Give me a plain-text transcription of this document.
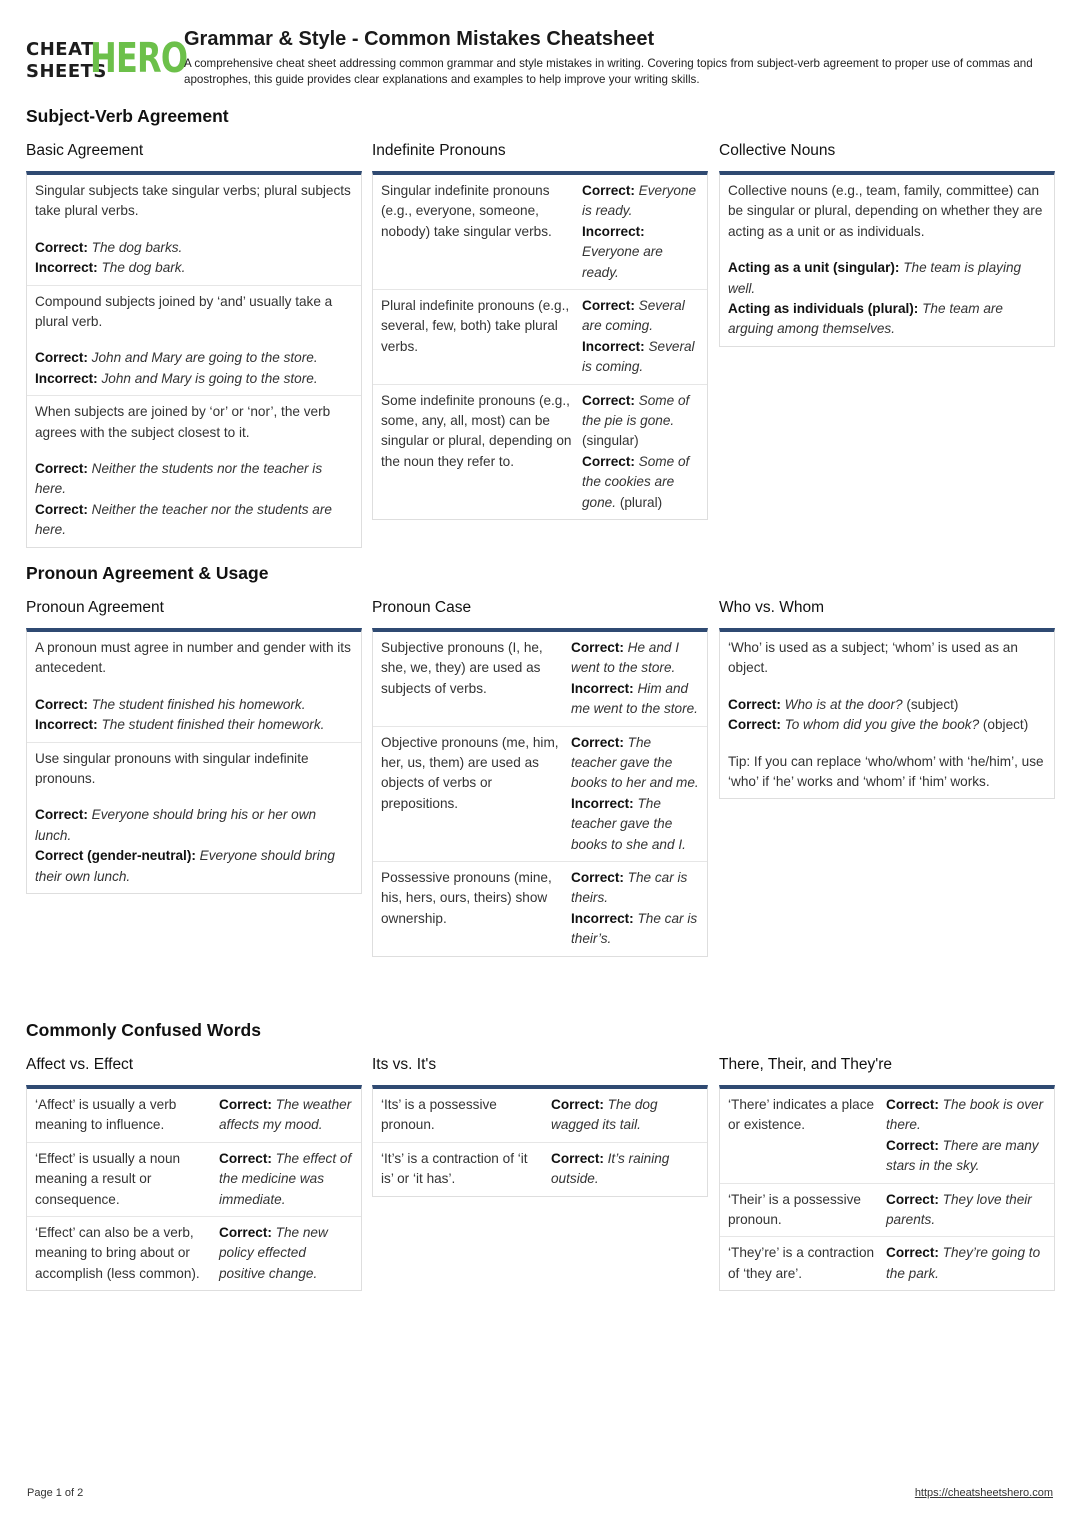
CHEAT
SHEETS
HERO
Grammar & Style - Common Mistakes Cheatsheet
A comprehensive cheat sheet addressing common grammar and style mistakes in writing. Covering topics from subject-verb agreement to proper use of commas and apostrophes, this guide provides clear explanations and examples to help improve your writing skills.
Subject-Verb Agreement
Basic Agreement

Singular subjects take singular verbs; plural subjects take plural verbs.

Correct: The dog barks.
Incorrect: The dog bark.

Compound subjects joined by ‘and’ usually take a plural verb.

Correct: John and Mary are going to the store.
Incorrect: John and Mary is going to the store.

When subjects are joined by ‘or’ or ‘nor’, the verb agrees with the subject closest to it.

Correct: Neither the students nor the teacher is here.
Correct: Neither the teacher nor the students are here.
Indefinite Pronouns
Singular indefinite pronouns (e.g., everyone, someone, nobody) take singular verbs.
Correct: Everyone is ready.
Incorrect: Everyone are ready.
Plural indefinite pronouns (e.g., several, few, both) take plural verbs.
Correct: Several are coming.
Incorrect: Several is coming.
Some indefinite pronouns (e.g., some, any, all, most) can be singular or plural, depending on the noun they refer to.
Correct: Some of the pie is gone. (singular)
Correct: Some of the cookies are gone. (plural)
Collective Nouns

Collective nouns (e.g., team, family, committee) can be singular or plural, depending on whether they are acting as a unit or as individuals.

Acting as a unit (singular): The team is playing well.
Acting as individuals (plural): The team are arguing among themselves.
Pronoun Agreement & Usage
Pronoun Agreement

A pronoun must agree in number and gender with its antecedent.

Correct: The student finished his homework.
Incorrect: The student finished their homework.

Use singular pronouns with singular indefinite pronouns.

Correct: Everyone should bring his or her own lunch.
Correct (gender-neutral): Everyone should bring their own lunch.
Pronoun Case
Subjective pronouns (I, he, she, we, they) are used as subjects of verbs.
Correct: He and I went to the store.
Incorrect: Him and me went to the store.
Objective pronouns (me, him, her, us, them) are used as objects of verbs or prepositions.
Correct: The teacher gave the books to her and me.
Incorrect: The teacher gave the books to she and I.
Possessive pronouns (mine, his, hers, ours, theirs) show ownership.
Correct: The car is theirs.
Incorrect: The car is their’s.
Who vs. Whom

‘Who’ is used as a subject; ‘whom’ is used as an object.

Correct: Who is at the door? (subject)
Correct: To whom did you give the book? (object)
Tip: If you can replace ‘who/whom’ with ‘he/him’, use ‘who’ if ‘he’ works and ‘whom’ if ‘him’ works.
Commonly Confused Words
Affect vs. Effect
‘Affect’ is usually a verb meaning to influence.
Correct: The weather affects my mood.
‘Effect’ is usually a noun meaning a result or consequence.
Correct: The effect of the medicine was immediate.
‘Effect’ can also be a verb, meaning to bring about or accomplish (less common).
Correct: The new policy effected positive change.
Its vs. It's
‘Its’ is a possessive pronoun.
Correct: The dog wagged its tail.
‘It’s’ is a contraction of ‘it is’ or ‘it has’.
Correct: It’s raining outside.
There, Their, and They're
‘There’ indicates a place or existence.
Correct: The book is over there.
Correct: There are many stars in the sky.
‘Their’ is a possessive pronoun.
Correct: They love their parents.
‘They’re’ is a contraction of ‘they are’.
Correct: They’re going to the park.
Page 1 of 2	https://cheatsheetshero.com
